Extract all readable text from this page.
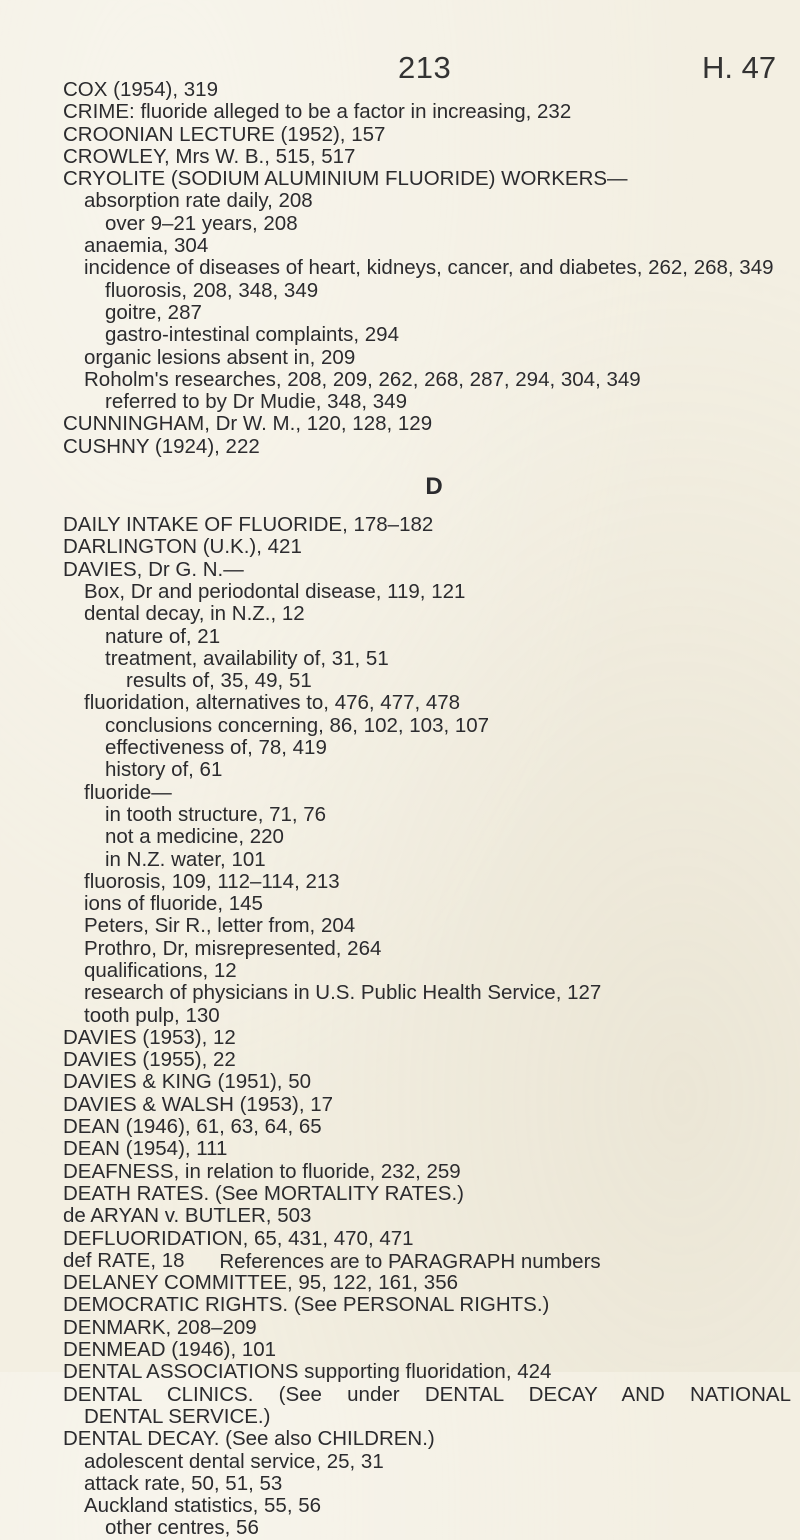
213	H. 47
COX (1954), 319
CRIME: fluoride alleged to be a factor in increasing, 232
CROONIAN LECTURE (1952), 157
CROWLEY, Mrs W. B., 515, 517
CRYOLITE (SODIUM ALUMINIUM FLUORIDE) WORKERS—
absorption rate daily, 208
over 9–21 years, 208
anaemia, 304
incidence of diseases of heart, kidneys, cancer, and diabetes, 262, 268, 349
fluorosis, 208, 348, 349
goitre, 287
gastro-intestinal complaints, 294
organic lesions absent in, 209
Roholm's researches, 208, 209, 262, 268, 287, 294, 304, 349
referred to by Dr Mudie, 348, 349
CUNNINGHAM, Dr W. M., 120, 128, 129
CUSHNY (1924), 222
D
DAILY INTAKE OF FLUORIDE, 178–182
DARLINGTON (U.K.), 421
DAVIES, Dr G. N.—
Box, Dr and periodontal disease, 119, 121
dental decay, in N.Z., 12
nature of, 21
treatment, availability of, 31, 51
results of, 35, 49, 51
fluoridation, alternatives to, 476, 477, 478
conclusions concerning, 86, 102, 103, 107
effectiveness of, 78, 419
history of, 61
fluoride—
in tooth structure, 71, 76
not a medicine, 220
in N.Z. water, 101
fluorosis, 109, 112–114, 213
ions of fluoride, 145
Peters, Sir R., letter from, 204
Prothro, Dr, misrepresented, 264
qualifications, 12
research of physicians in U.S. Public Health Service, 127
tooth pulp, 130
DAVIES (1953), 12
DAVIES (1955), 22
DAVIES & KING (1951), 50
DAVIES & WALSH (1953), 17
DEAN (1946), 61, 63, 64, 65
DEAN (1954), 111
DEAFNESS, in relation to fluoride, 232, 259
DEATH RATES. (See MORTALITY RATES.)
de ARYAN v. BUTLER, 503
DEFLUORIDATION, 65, 431, 470, 471
def RATE, 18
DELANEY COMMITTEE, 95, 122, 161, 356
DEMOCRATIC RIGHTS. (See PERSONAL RIGHTS.)
DENMARK, 208–209
DENMEAD (1946), 101
DENTAL ASSOCIATIONS supporting fluoridation, 424
DENTAL CLINICS. (See under DENTAL DECAY AND NATIONAL
DENTAL SERVICE.)
DENTAL DECAY. (See also CHILDREN.)
adolescent dental service, 25, 31
attack rate, 50, 51, 53
Auckland statistics, 55, 56
other centres, 56
References are to PARAGRAPH numbers
